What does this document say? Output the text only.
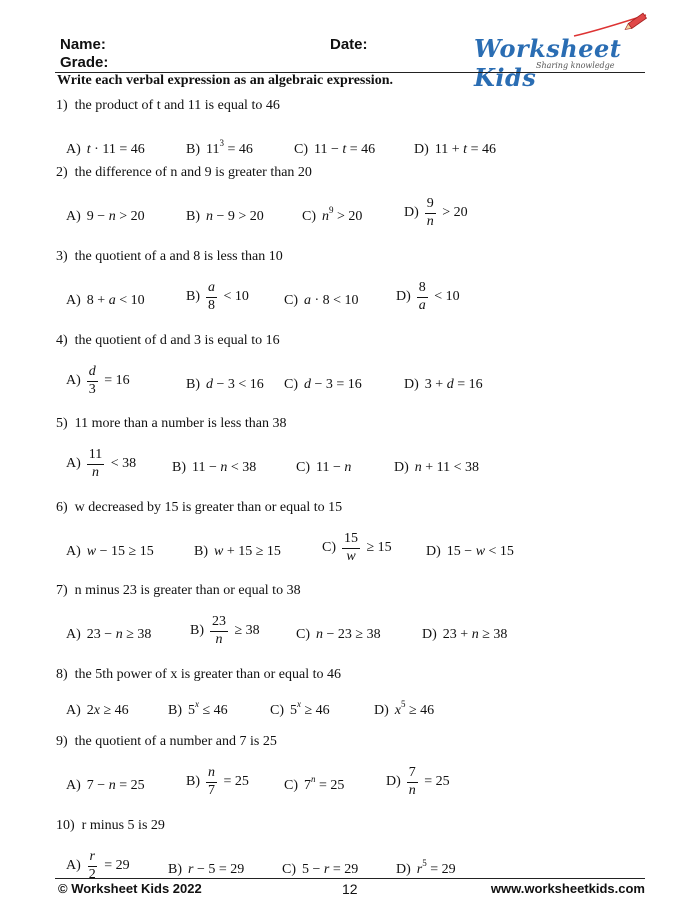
Name:	Date:
Grade:	Worksheet Kids Sharing knowledge
Write each verbal expression as an algebraic expression.
1) the product of t and 11 is equal to 46
A) t · 11 = 46	B) $11^3 = 46$	C) 11 − t = 46	D) 11 + t = 46
2) the difference of n and 9 is greater than 20
A) 9 − n > 20	B) n − 9 > 20	C) $n^9 > 20$	$D) \frac{9}{n} > 20$
3) the quotient of a and 8 is less than 10
A) 8 + a < 10	$B) \frac{a}{8} < 10$	C) a · 8 < 10	$D) \frac{8}{a} < 10$
4) the quotient of d and 3 is equal to 16
$A) \frac{d}{3} = 16$	B) d − 3 < 16 C) d − 3 = 16	D) 3 + d = 16
5) 11 more than a number is less than 38
$A) \frac{11}{n} < 38$	B) 11 − n < 38	C) 11 − n	D) n + 11 < 38
6) w decreased by 15 is greater than or equal to 15
A) w − 15 ≥ 15	B) w + 15 ≥ 15	$C) \frac{15}{w} \ge 15$ D) 15 − w < 15
7) n minus 23 is greater than or equal to 38
A) 23 − n ≥ 38	$B) \frac{23}{n} \ge 38$	C) n − 23 ≥ 38	D) 23 + n ≥ 38
8) the 5th power of x is greater than or equal to 46
A) 2x ≥ 46	B) $5^x \le 46$	C) $5^x \ge 46$	D) $x^5 \ge 46$
9) the quotient of a number and 7 is 25
A) 7 − n = 25	$B) \frac{n}{7} = 25$	C) $7^n = 25$	$D) \frac{7}{n} = 25$
10) r minus 5 is 29
$A) \frac{r}{2} = 29$	B) r − 5 = 29	C) 5 − r = 29	D) $r^5 = 29$
© Worksheet Kids 2022	12	www.worksheetkids.com
